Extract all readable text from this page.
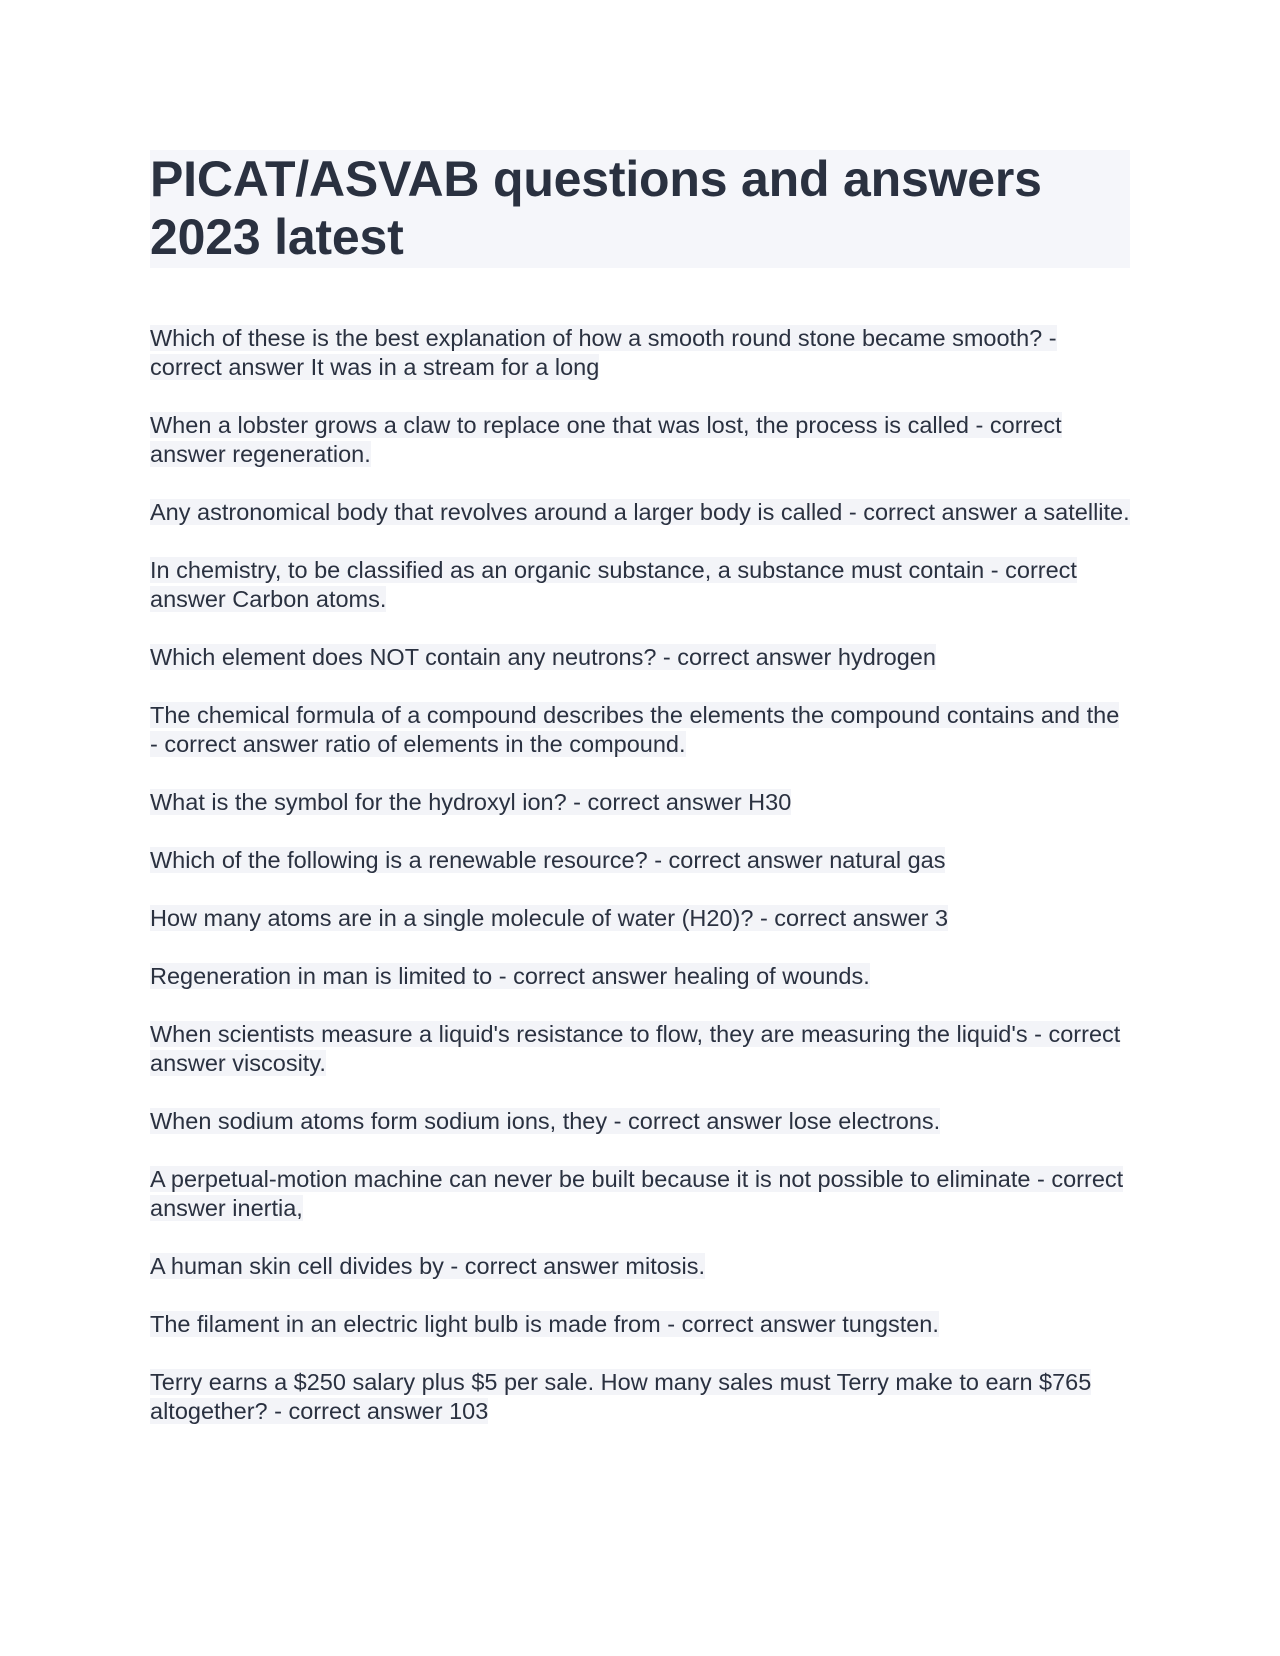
PICAT/ASVAB questions and answers 2023 latest

Which of these is the best explanation of how a smooth round stone became smooth? - correct answer It was in a stream for a long

When a lobster grows a claw to replace one that was lost, the process is called - correct answer regeneration.

Any astronomical body that revolves around a larger body is called - correct answer a satellite.

In chemistry, to be classified as an organic substance, a substance must contain - correct answer Carbon atoms.

Which element does NOT contain any neutrons? - correct answer hydrogen

The chemical formula of a compound describes the elements the compound contains and the - correct answer ratio of elements in the compound.

What is the symbol for the hydroxyl ion? - correct answer H30

Which of the following is a renewable resource? - correct answer natural gas

How many atoms are in a single molecule of water (H20)? - correct answer 3

Regeneration in man is limited to - correct answer healing of wounds.

When scientists measure a liquid's resistance to flow, they are measuring the liquid's - correct answer viscosity.

When sodium atoms form sodium ions, they - correct answer lose electrons.

A perpetual-motion machine can never be built because it is not possible to eliminate - correct answer inertia,

A human skin cell divides by - correct answer mitosis.

The filament in an electric light bulb is made from - correct answer tungsten.

Terry earns a $250 salary plus $5 per sale. How many sales must Terry make to earn $765 altogether? - correct answer 103
